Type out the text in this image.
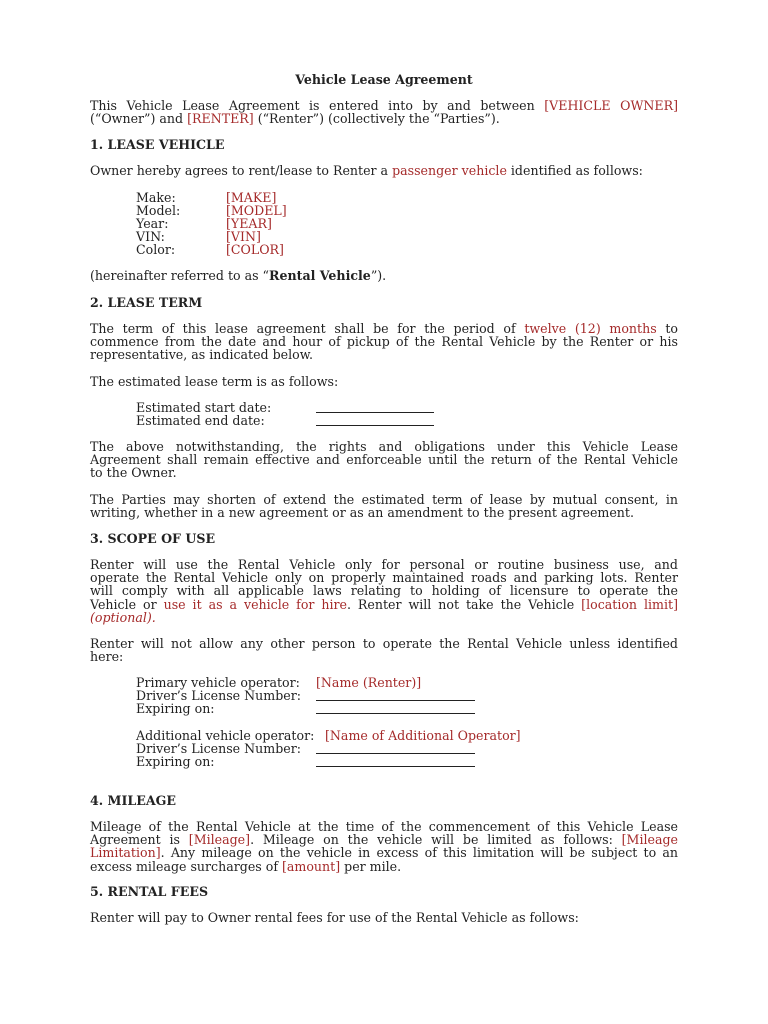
Vehicle Lease Agreement
This Vehicle Lease Agreement is entered into by and between [VEHICLE OWNER]
(“Owner”) and [RENTER] (“Renter”) (collectively the “Parties”).
1. LEASE VEHICLE
Owner hereby agrees to rent/lease to Renter a passenger vehicle identified as follows:
Make:	[MAKE]
Model:	[MODEL]
Year:	[YEAR]
VIN:	[VIN]
Color:	[COLOR]
(hereinafter referred to as “Rental Vehicle”).
2. LEASE TERM
The term of this lease agreement shall be for the period of twelve (12) months to
commence from the date and hour of pickup of the Rental Vehicle by the Renter or his
representative, as indicated below.
The estimated lease term is as follows:
Estimated start date:
Estimated end date:
The above notwithstanding, the rights and obligations under this Vehicle Lease
Agreement shall remain effective and enforceable until the return of the Rental Vehicle
to the Owner.
The Parties may shorten of extend the estimated term of lease by mutual consent, in
writing, whether in a new agreement or as an amendment to the present agreement.
3. SCOPE OF USE
Renter will use the Rental Vehicle only for personal or routine business use, and
operate the Rental Vehicle only on properly maintained roads and parking lots. Renter
will comply with all applicable laws relating to holding of licensure to operate the
Vehicle or use it as a vehicle for hire. Renter will not take the Vehicle [location limit]
(optional).
Renter will not allow any other person to operate the Rental Vehicle unless identified
here:
Primary vehicle operator: [Name (Renter)]
Driver’s License Number:
Expiring on:
Additional vehicle operator: [Name of Additional Operator]
Driver’s License Number:
Expiring on:
4. MILEAGE
Mileage of the Rental Vehicle at the time of the commencement of this Vehicle Lease
Agreement is [Mileage]. Mileage on the vehicle will be limited as follows: [Mileage
Limitation]. Any mileage on the vehicle in excess of this limitation will be subject to an
excess mileage surcharges of [amount] per mile.
5. RENTAL FEES
Renter will pay to Owner rental fees for use of the Rental Vehicle as follows:
